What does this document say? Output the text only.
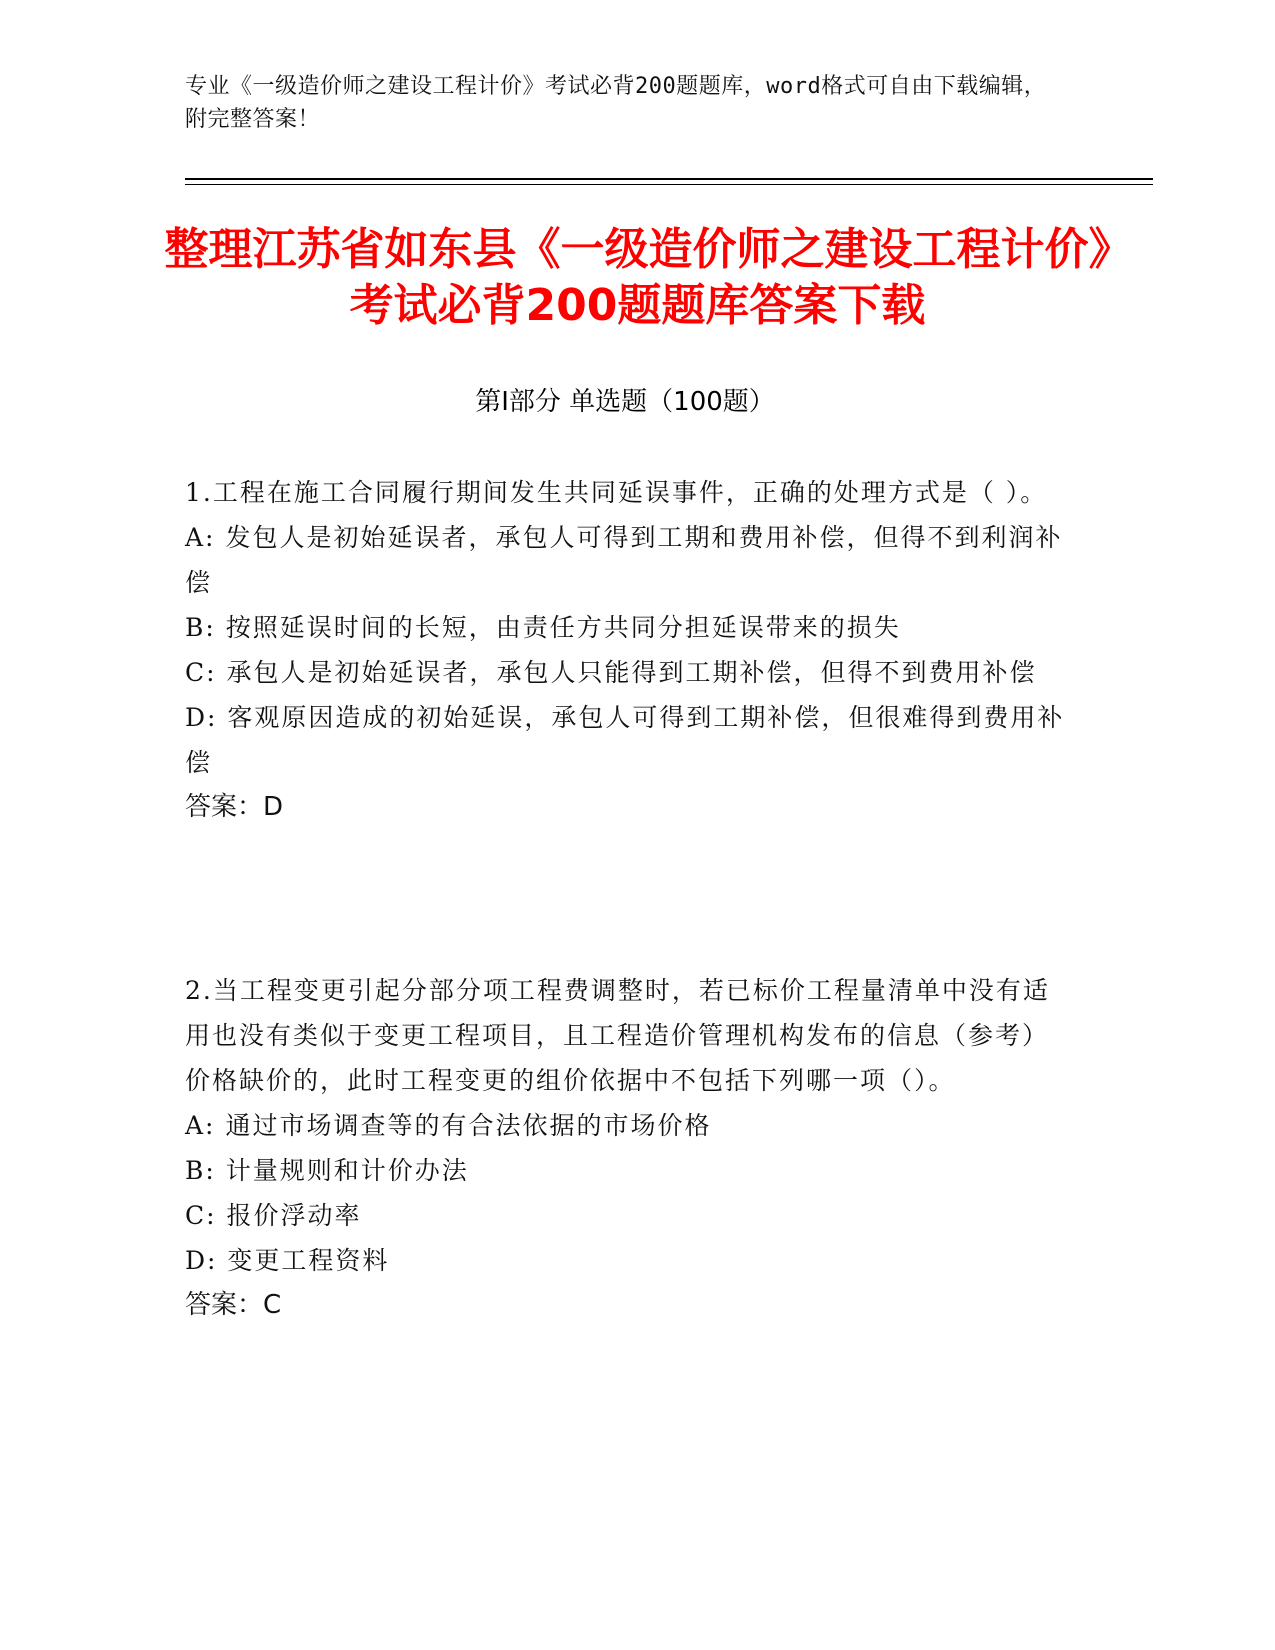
专业《一级造价师之建设工程计价》考试必背200题题库，word格式可自由下载编辑，附完整答案！
整理江苏省如东县《一级造价师之建设工程计价》考试必背200题题库答案下载
第Ⅰ部分 单选题（100题）
1.工程在施工合同履行期间发生共同延误事件，正确的处理方式是（ ）。
A: 发包人是初始延误者，承包人可得到工期和费用补偿，但得不到利润补偿
B: 按照延误时间的长短，由责任方共同分担延误带来的损失
C: 承包人是初始延误者，承包人只能得到工期补偿，但得不到费用补偿
D: 客观原因造成的初始延误，承包人可得到工期补偿，但很难得到费用补偿
答案：D
2.当工程变更引起分部分项工程费调整时，若已标价工程量清单中没有适用也没有类似于变更工程项目，且工程造价管理机构发布的信息（参考）价格缺价的，此时工程变更的组价依据中不包括下列哪一项（）。
A: 通过市场调查等的有合法依据的市场价格
B: 计量规则和计价办法
C: 报价浮动率
D: 变更工程资料
答案：C
